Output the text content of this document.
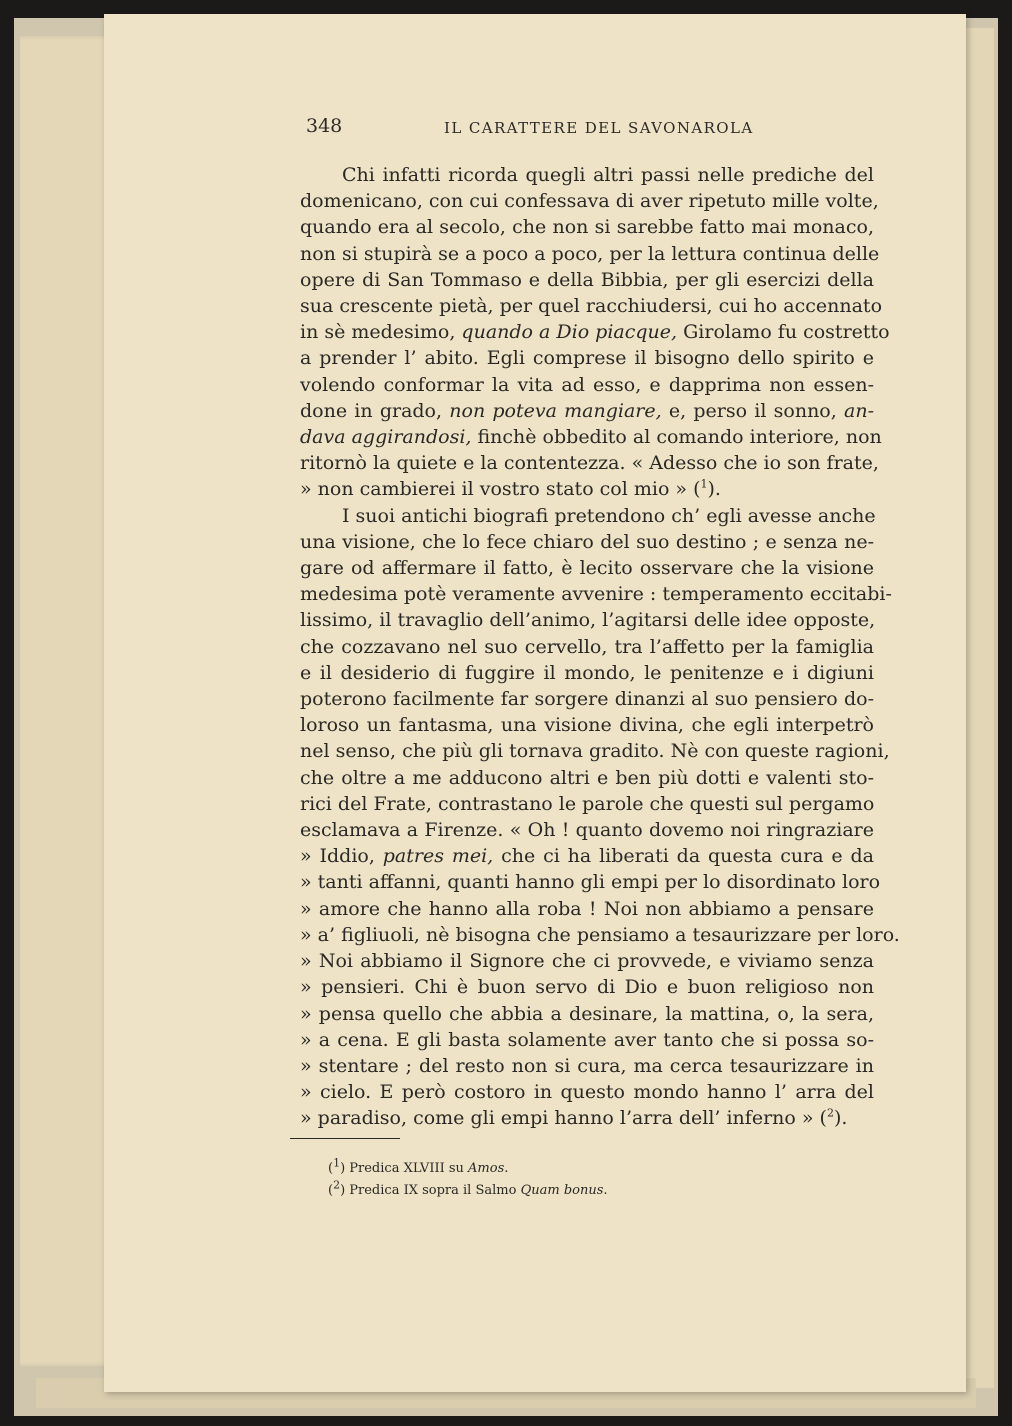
348	IL CARATTERE DEL SAVONAROLA

Chi infatti ricorda quegli altri passi nelle prediche del
domenicano, con cui confessava di aver ripetuto mille volte,
quando era al secolo, che non si sarebbe fatto mai monaco,
non si stupirà se a poco a poco, per la lettura continua delle
opere di San Tommaso e della Bibbia, per gli esercizi della
sua crescente pietà, per quel racchiudersi, cui ho accennato
in sè medesimo, quando a Dio piacque, Girolamo fu costretto
a prender l’ abito. Egli comprese il bisogno dello spirito e
volendo conformar la vita ad esso, e dapprima non essen-
done in grado, non poteva mangiare, e, perso il sonno, an-
dava aggirandosi, finchè obbedito al comando interiore, non
ritornò la quiete e la contentezza. « Adesso che io son frate,
» non cambierei il vostro stato col mio » ($^1$).

I suoi antichi biografi pretendono ch’ egli avesse anche
una visione, che lo fece chiaro del suo destino ; e senza ne-
gare od affermare il fatto, è lecito osservare che la visione
medesima potè veramente avvenire : temperamento eccitabi-
lissimo, il travaglio dell’animo, l’agitarsi delle idee opposte,
che cozzavano nel suo cervello, tra l’affetto per la famiglia
e il desiderio di fuggire il mondo, le penitenze e i digiuni
poterono facilmente far sorgere dinanzi al suo pensiero do-
loroso un fantasma, una visione divina, che egli interpetrò
nel senso, che più gli tornava gradito. Nè con queste ragioni,
che oltre a me adducono altri e ben più dotti e valenti sto-
rici del Frate, contrastano le parole che questi sul pergamo
esclamava a Firenze. « Oh ! quanto dovemo noi ringraziare
» Iddio, patres mei, che ci ha liberati da questa cura e da
» tanti affanni, quanti hanno gli empi per lo disordinato loro
» amore che hanno alla roba ! Noi non abbiamo a pensare
» a’ figliuoli, nè bisogna che pensiamo a tesaurizzare per loro.
» Noi abbiamo il Signore che ci provvede, e viviamo senza
» pensieri. Chi è buon servo di Dio e buon religioso non
» pensa quello che abbia a desinare, la mattina, o, la sera,
» a cena. E gli basta solamente aver tanto che si possa so-
» stentare ; del resto non si cura, ma cerca tesaurizzare in
» cielo. E però costoro in questo mondo hanno l’ arra del
» paradiso, come gli empi hanno l’arra dell’ inferno » ($^2$).

($^1$) Predica XLVIII su Amos.
($^2$) Predica IX sopra il Salmo Quam bonus.
